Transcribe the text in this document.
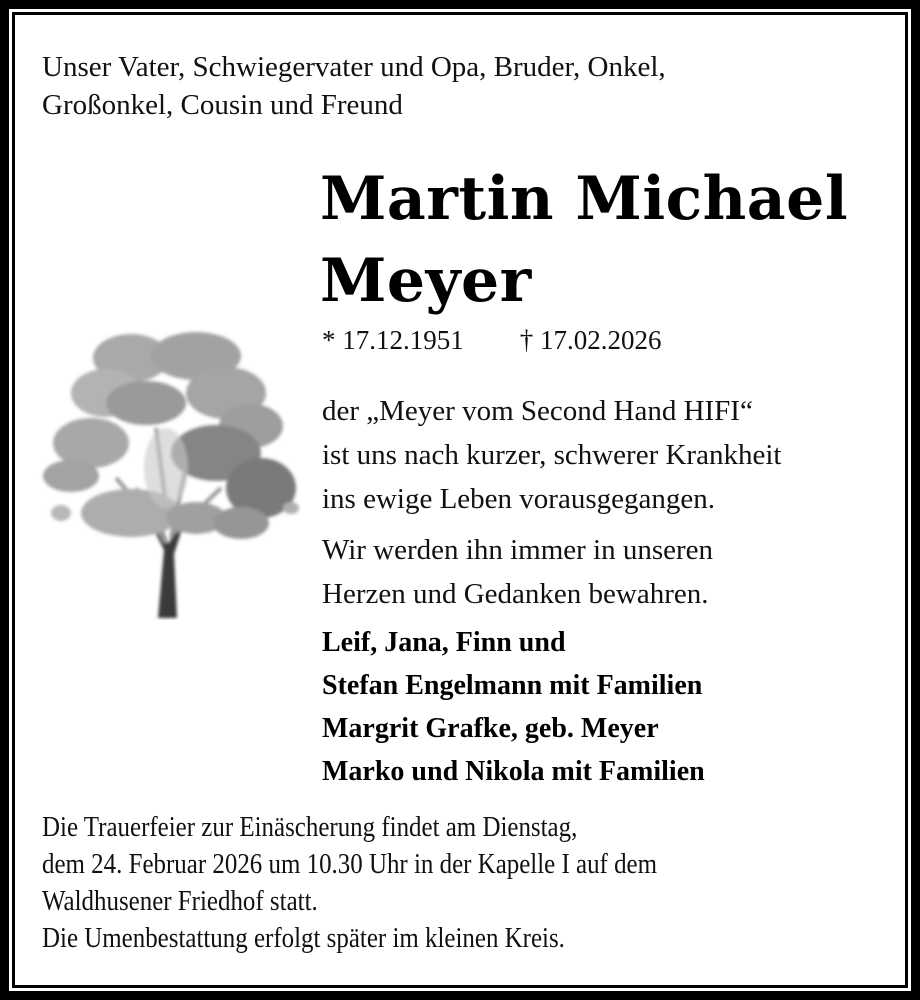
Unser Vater, Schwiegervater und Opa, Bruder, Onkel,
Großonkel, Cousin und Freund
Martin Michael
Meyer
* 17.12.1951 † 17.02.2026
der „Meyer vom Second Hand HIFI“
ist uns nach kurzer, schwerer Krankheit
ins ewige Leben vorausgegangen.
Wir werden ihn immer in unseren
Herzen und Gedanken bewahren.
Leif, Jana, Finn und
Stefan Engelmann mit Familien
Margrit Grafke, geb. Meyer
Marko und Nikola mit Familien
Die Trauerfeier zur Einäscherung findet am Dienstag,
dem 24. Februar 2026 um 10.30 Uhr in der Kapelle I auf dem
Waldhusener Friedhof statt.
Die Umenbestattung erfolgt später im kleinen Kreis.
